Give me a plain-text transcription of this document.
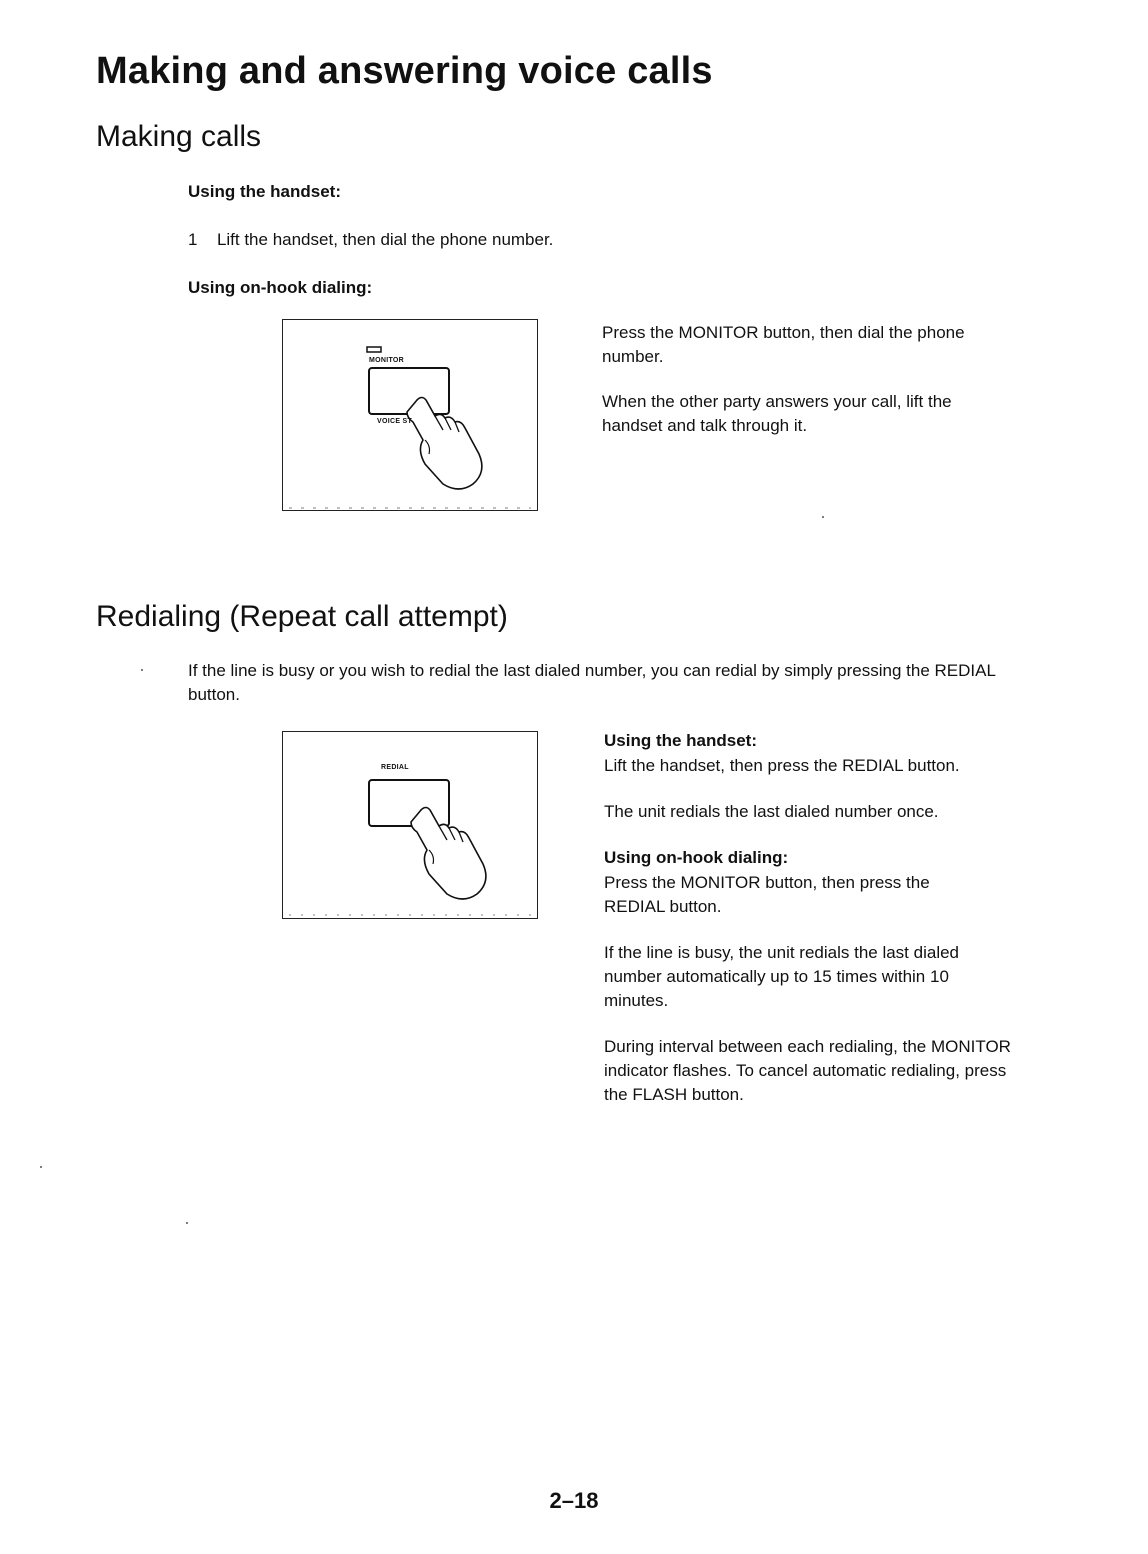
Making and answering voice calls
Making calls
Using the handset:
1 Lift the handset, then dial the phone number.
Using on-hook dialing:
MONITOR
VOICE ST
Press the MONITOR button, then dial the phone number.
When the other party answers your call, lift the handset and talk through it.
Redialing (Repeat call attempt)
If the line is busy or you wish to redial the last dialed number, you can redial by simply pressing the REDIAL button.
REDIAL
Using the handset:
Lift the handset, then press the REDIAL button.
The unit redials the last dialed number once.
Using on-hook dialing:
Press the MONITOR button, then press the REDIAL button.
If the line is busy, the unit redials the last dialed number automatically up to 15 times within 10 minutes.
During interval between each redialing, the MONITOR indicator flashes. To cancel automatic redialing, press the FLASH button.
2–18
